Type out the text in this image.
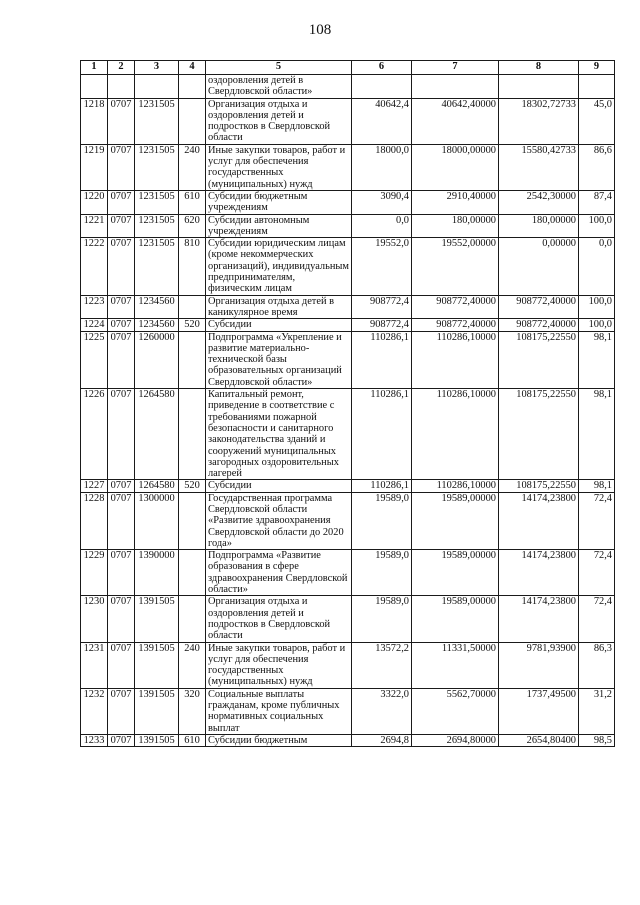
108
1	2	3	4	5	6	7	8	9
				оздоровления детей в Свердловской области»				
1218	0707	1231505		Организация отдыха и оздоровления детей и подростков в Свердловской области	40642,4	40642,40000	18302,72733	45,0
1219	0707	1231505	240	Иные закупки товаров, работ и услуг для обеспечения государственных (муниципальных) нужд	18000,0	18000,00000	15580,42733	86,6
1220	0707	1231505	610	Субсидии бюджетным учреждениям	3090,4	2910,40000	2542,30000	87,4
1221	0707	1231505	620	Субсидии автономным учреждениям	0,0	180,00000	180,00000	100,0
1222	0707	1231505	810	Субсидии юридическим лицам (кроме некоммерческих организаций), индивидуальным предпринимателям, физическим лицам	19552,0	19552,00000	0,00000	0,0
1223	0707	1234560		Организация отдыха детей в каникулярное время	908772,4	908772,40000	908772,40000	100,0
1224	0707	1234560	520	Субсидии	908772,4	908772,40000	908772,40000	100,0
1225	0707	1260000		Подпрограмма «Укрепление и развитие материально-технической базы образовательных организаций Свердловской области»	110286,1	110286,10000	108175,22550	98,1
1226	0707	1264580		Капитальный ремонт, приведение в соответствие с требованиями пожарной безопасности и санитарного законодательства зданий и сооружений муниципальных загородных оздоровительных лагерей	110286,1	110286,10000	108175,22550	98,1
1227	0707	1264580	520	Субсидии	110286,1	110286,10000	108175,22550	98,1
1228	0707	1300000		Государственная программа Свердловской области «Развитие здравоохранения Свердловской области до 2020 года»	19589,0	19589,00000	14174,23800	72,4
1229	0707	1390000		Подпрограмма «Развитие образования в сфере здравоохранения Свердловской области»	19589,0	19589,00000	14174,23800	72,4
1230	0707	1391505		Организация отдыха и оздоровления детей и подростков в Свердловской области	19589,0	19589,00000	14174,23800	72,4
1231	0707	1391505	240	Иные закупки товаров, работ и услуг для обеспечения государственных (муниципальных) нужд	13572,2	11331,50000	9781,93900	86,3
1232	0707	1391505	320	Социальные выплаты гражданам, кроме публичных нормативных социальных выплат	3322,0	5562,70000	1737,49500	31,2
1233	0707	1391505	610	Субсидии бюджетным	2694,8	2694,80000	2654,80400	98,5
